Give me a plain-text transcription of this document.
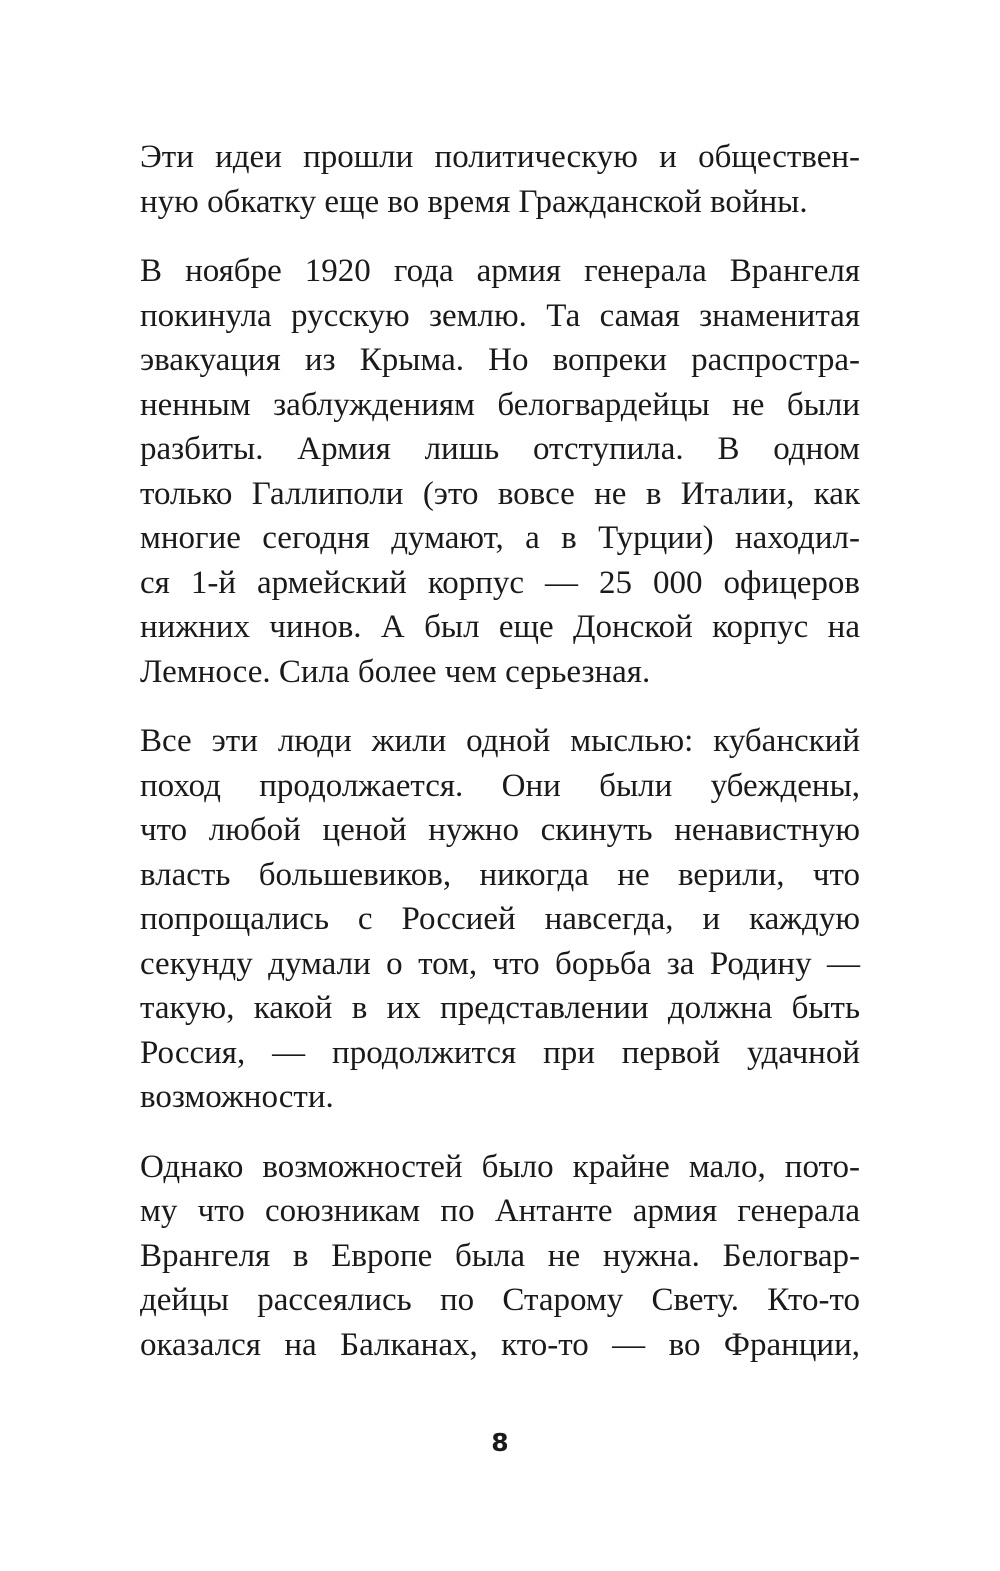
Эти идеи прошли политическую и обществен-
ную обкатку еще во время Гражданской войны.

В ноябре 1920 года армия генерала Врангеля
покинула русскую землю. Та самая знаменитая
эвакуация из Крыма. Но вопреки распростра-
ненным заблуждениям белогвардейцы не были
разбиты. Армия лишь отступила. В одном
только Галлиполи (это вовсе не в Италии, как
многие сегодня думают, а в Турции) находил-
ся 1-й армейский корпус — 25 000 офицеров
нижних чинов. А был еще Донской корпус на
Лемносе. Сила более чем серьезная.

Все эти люди жили одной мыслью: кубанский
поход продолжается. Они были убеждены,
что любой ценой нужно скинуть ненавистную
власть большевиков, никогда не верили, что
попрощались с Россией навсегда, и каждую
секунду думали о том, что борьба за Родину —
такую, какой в их представлении должна быть
Россия, — продолжится при первой удачной
возможности.

Однако возможностей было крайне мало, пото-
му что союзникам по Антанте армия генерала
Врангеля в Европе была не нужна. Белогвар-
дейцы рассеялись по Старому Свету. Кто-то
оказался на Балканах, кто-то — во Франции,

8
